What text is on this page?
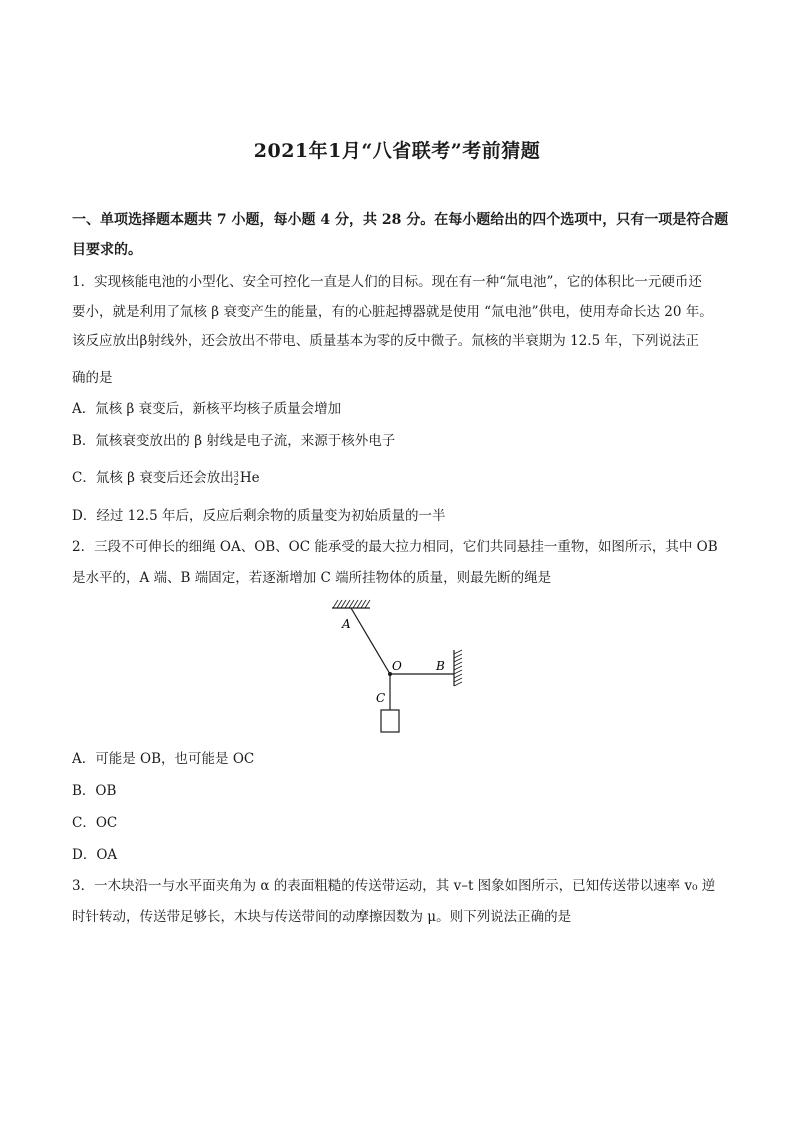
2021年1月“八省联考”考前猜题
一、单项选择题本题共 7 小题，每小题 4 分，共 28 分。在每小题给出的四个选项中，只有一项是符合题目要求的。
1．实现核能电池的小型化、安全可控化一直是人们的目标。现在有一种“氚电池”，它的体积比一元硬币还
要小，就是利用了氚核 β 衰变产生的能量，有的心脏起搏器就是使用 “氚电池”供电，使用寿命长达 20 年。
该反应放出β射线外，还会放出不带电、质量基本为零的反中微子。氚核的半衰期为 12.5 年，下列说法正
确的是
A．氚核 β 衰变后，新核平均核子质量会增加
B．氚核衰变放出的 β 射线是电子流，来源于核外电子
C．氚核 β 衰变后还会放出 3
2 He
D．经过 12.5 年后，反应后剩余物的质量变为初始质量的一半
2．三段不可伸长的细绳 OA、OB、OC 能承受的最大拉力相同，它们共同悬挂一重物，如图所示，其中 OB
是水平的，A 端、B 端固定，若逐渐增加 C 端所挂物体的质量，则最先断的绳是
A
O	B
C
A．可能是 OB，也可能是 OC
B．OB
C．OC
D．OA
3．一木块沿一与水平面夹角为 α 的表面粗糙的传送带运动，其 v–t 图象如图所示，已知传送带以速率 v₀ 逆
时针转动，传送带足够长，木块与传送带间的动摩擦因数为 μ。则下列说法正确的是
